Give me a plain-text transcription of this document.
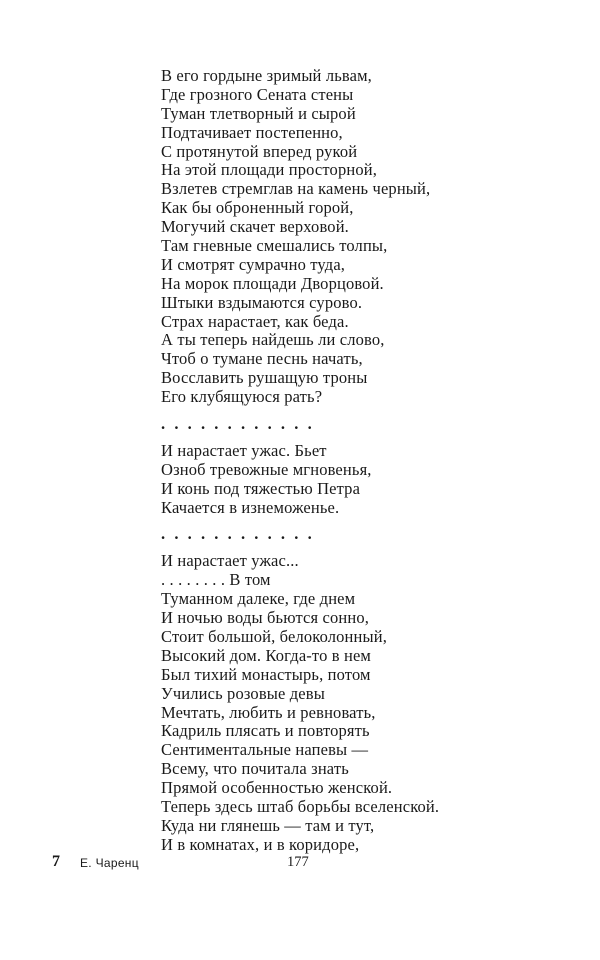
В его гордыне зримый львам,
Где грозного Сената стены
Туман тлетворный и сырой
Подтачивает постепенно,
С протянутой вперед рукой
На этой площади просторной,
Взлетев стремглав на камень черный,
Как бы оброненный горой,
Могучий скачет верховой.
Там гневные смешались толпы,
И смотрят сумрачно туда,
На морок площади Дворцовой.
Штыки вздымаются сурово.
Страх нарастает, как беда.
А ты теперь найдешь ли слово,
Чтоб о тумане песнь начать,
Восславить рушащую троны
Его клубящуюся рать?
............
И нарастает ужас. Бьет
Озноб тревожные мгновенья,
И конь под тяжестью Петра
Качается в изнеможенье.
............
И нарастает ужас...
. . . . . . . . В том
Туманном далеке, где днем
И ночью воды бьются сонно,
Стоит большой, белоколонный,
Высокий дом. Когда-то в нем
Был тихий монастырь, потом
Учились розовые девы
Мечтать, любить и ревновать,
Кадриль плясать и повторять
Сентиментальные напевы —
Всему, что почитала знать
Прямой особенностью женской.
Теперь здесь штаб борьбы вселенской.
Куда ни глянешь — там и тут,
И в комнатах, и в коридоре,
7 Е. Чаренц	177
